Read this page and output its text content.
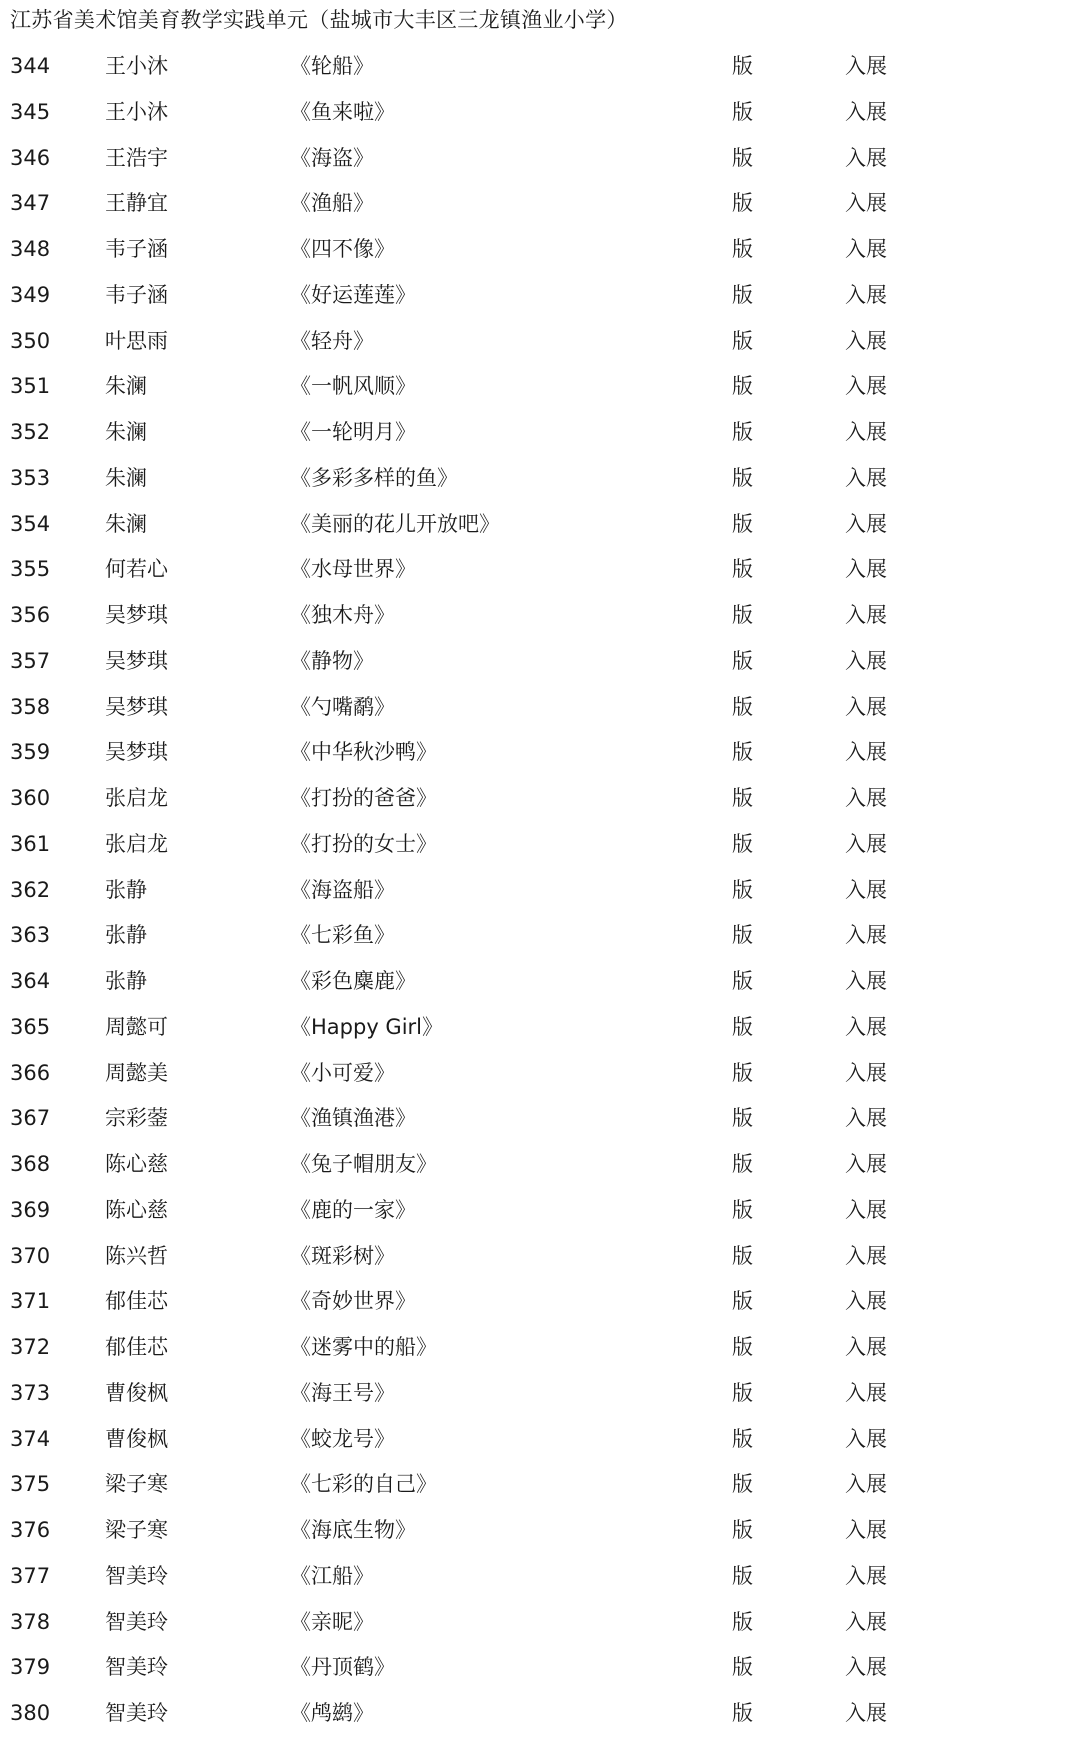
江苏省美术馆美育教学实践单元（盐城市大丰区三龙镇渔业小学）
344	王小沐	《轮船》	版	入展
345	王小沐	《鱼来啦》	版	入展
346	王浩宇	《海盗》	版	入展
347	王静宜	《渔船》	版	入展
348	韦子涵	《四不像》	版	入展
349	韦子涵	《好运莲莲》	版	入展
350	叶思雨	《轻舟》	版	入展
351	朱澜	《一帆风顺》	版	入展
352	朱澜	《一轮明月》	版	入展
353	朱澜	《多彩多样的鱼》	版	入展
354	朱澜	《美丽的花儿开放吧》	版	入展
355	何若心	《水母世界》	版	入展
356	吴梦琪	《独木舟》	版	入展
357	吴梦琪	《静物》	版	入展
358	吴梦琪	《勺嘴鹬》	版	入展
359	吴梦琪	《中华秋沙鸭》	版	入展
360	张启龙	《打扮的爸爸》	版	入展
361	张启龙	《打扮的女士》	版	入展
362	张静	《海盗船》	版	入展
363	张静	《七彩鱼》	版	入展
364	张静	《彩色麋鹿》	版	入展
365	周懿可	《Happy Girl》	版	入展
366	周懿美	《小可爱》	版	入展
367	宗彩蓥	《渔镇渔港》	版	入展
368	陈心慈	《兔子帽朋友》	版	入展
369	陈心慈	《鹿的一家》	版	入展
370	陈兴哲	《斑彩树》	版	入展
371	郁佳芯	《奇妙世界》	版	入展
372	郁佳芯	《迷雾中的船》	版	入展
373	曹俊枫	《海王号》	版	入展
374	曹俊枫	《蛟龙号》	版	入展
375	梁子寒	《七彩的自己》	版	入展
376	梁子寒	《海底生物》	版	入展
377	智美玲	《江船》	版	入展
378	智美玲	《亲昵》	版	入展
379	智美玲	《丹顶鹤》	版	入展
380	智美玲	《鸬鹚》	版	入展
